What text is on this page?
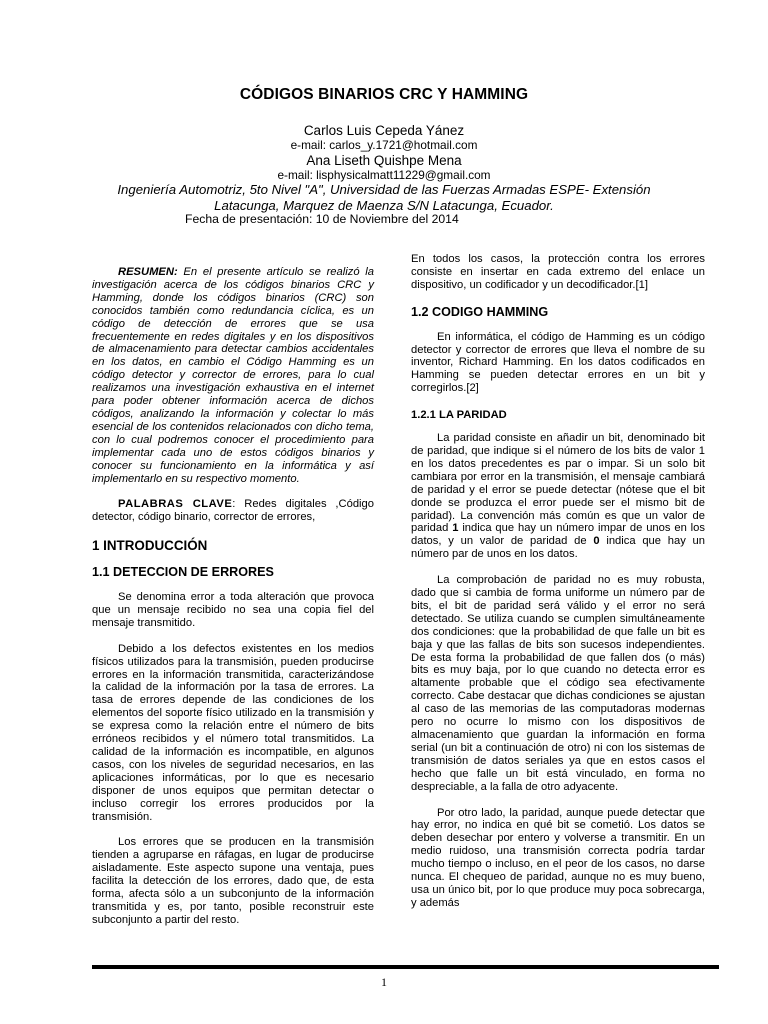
CÓDIGOS BINARIOS CRC Y HAMMING
Carlos Luis Cepeda Yánez
e-mail: carlos_y.1721@hotmail.com
Ana Liseth Quishpe Mena
e-mail: lisphysicalmatt11229@gmail.com
Ingeniería Automotriz, 5to Nivel "A", Universidad de las Fuerzas Armadas ESPE- Extensión
Latacunga, Marquez de Maenza S/N Latacunga, Ecuador.
Fecha de presentación: 10 de Noviembre del 2014

RESUMEN: En el presente artículo se realizó la investigación acerca de los códigos binarios CRC y Hamming, donde los códigos binarios (CRC) son conocidos también como redundancia cíclica, es un código de detección de errores que se usa frecuentemente en redes digitales y en los dispositivos de almacenamiento para detectar cambios accidentales en los datos, en cambio el Código Hamming es un código detector y corrector de errores, para lo cual realizamos una investigación exhaustiva en el internet para poder obtener información acerca de dichos códigos, analizando la información y colectar lo más esencial de los contenidos relacionados con dicho tema, con lo cual podremos conocer el procedimiento para implementar cada uno de estos códigos binarios y conocer su funcionamiento en la informática y así implementarlo en su respectivo momento.

PALABRAS CLAVE: Redes digitales ,Código detector, código binario, corrector de errores,

1 INTRODUCCIÓN

1.1 DETECCION DE ERRORES

Se denomina error a toda alteración que provoca que un mensaje recibido no sea una copia fiel del mensaje transmitido.

Debido a los defectos existentes en los medios físicos utilizados para la transmisión, pueden producirse errores en la información transmitida, caracterizándose la calidad de la información por la tasa de errores. La tasa de errores depende de las condiciones de los elementos del soporte físico utilizado en la transmisión y se expresa como la relación entre el número de bits erróneos recibidos y el número total transmitidos. La calidad de la información es incompatible, en algunos casos, con los niveles de seguridad necesarios, en las aplicaciones informáticas, por lo que es necesario disponer de unos equipos que permitan detectar o incluso corregir los errores producidos por la transmisión.

Los errores que se producen en la transmisión tienden a agruparse en ráfagas, en lugar de producirse aisladamente. Este aspecto supone una ventaja, pues facilita la detección de los errores, dado que, de esta forma, afecta sólo a un subconjunto de la información transmitida y es, por tanto, posible reconstruir este subconjunto a partir del resto.

En todos los casos, la protección contra los errores consiste en insertar en cada extremo del enlace un dispositivo, un codificador y un decodificador.[1]

1.2 CODIGO HAMMING

En informática, el código de Hamming es un código detector y corrector de errores que lleva el nombre de su inventor, Richard Hamming. En los datos codificados en Hamming se pueden detectar errores en un bit y corregirlos.[2]

1.2.1 LA PARIDAD

La paridad consiste en añadir un bit, denominado bit de paridad, que indique si el número de los bits de valor 1 en los datos precedentes es par o impar. Si un solo bit cambiara por error en la transmisión, el mensaje cambiará de paridad y el error se puede detectar (nótese que el bit donde se produzca el error puede ser el mismo bit de paridad). La convención más común es que un valor de paridad 1 indica que hay un número impar de unos en los datos, y un valor de paridad de 0 indica que hay un número par de unos en los datos.

La comprobación de paridad no es muy robusta, dado que si cambia de forma uniforme un número par de bits, el bit de paridad será válido y el error no será detectado. Se utiliza cuando se cumplen simultáneamente dos condiciones: que la probabilidad de que falle un bit es baja y que las fallas de bits son sucesos independientes. De esta forma la probabilidad de que fallen dos (o más) bits es muy baja, por lo que cuando no detecta error es altamente probable que el código sea efectivamente correcto. Cabe destacar que dichas condiciones se ajustan al caso de las memorias de las computadoras modernas pero no ocurre lo mismo con los dispositivos de almacenamiento que guardan la información en forma serial (un bit a continuación de otro) ni con los sistemas de transmisión de datos seriales ya que en estos casos el hecho que falle un bit está vinculado, en forma no despreciable, a la falla de otro adyacente.

Por otro lado, la paridad, aunque puede detectar que hay error, no indica en qué bit se cometió. Los datos se deben desechar por entero y volverse a transmitir. En un medio ruidoso, una transmisión correcta podría tardar mucho tiempo o incluso, en el peor de los casos, no darse nunca. El chequeo de paridad, aunque no es muy bueno, usa un único bit, por lo que produce muy poca sobrecarga, y además

1
